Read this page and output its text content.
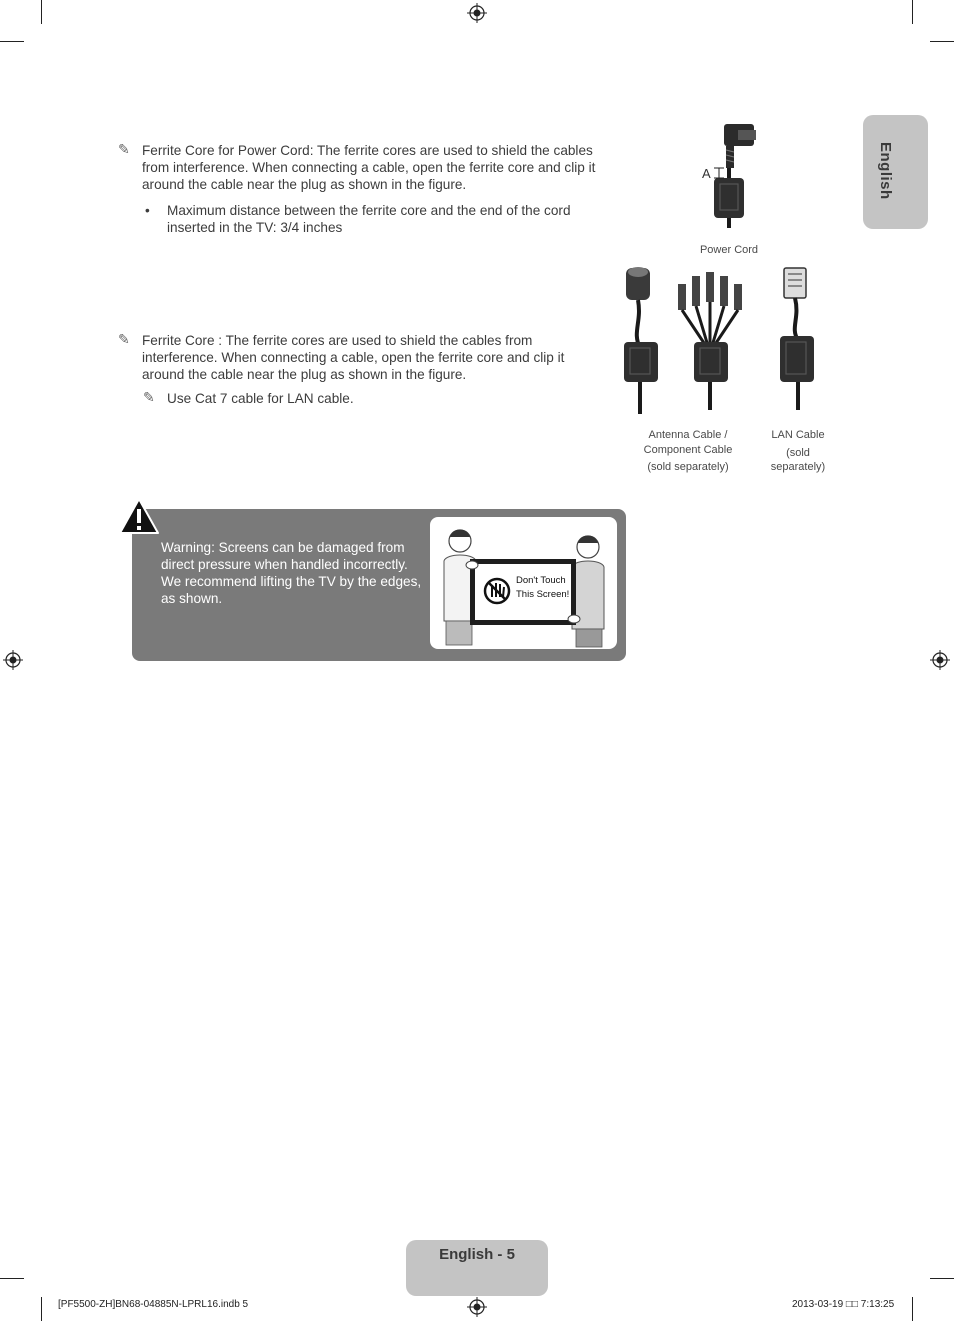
English
✎ Ferrite Core for Power Cord: The ferrite cores are used to shield the cables from interference. When connecting a cable, open the ferrite core and clip it around the cable near the plug as shown in the figure.
• Maximum distance between the ferrite core and the end of the cord inserted in the TV: 3/4 inches
A
Power Cord
✎ Ferrite Core : The ferrite cores are used to shield the cables from interference. When connecting a cable, open the ferrite core and clip it around the cable near the plug as shown in the figure.
✎ Use Cat 7 cable for LAN cable.
Antenna Cable /
Component Cable
(sold separately)
LAN Cable
(sold
separately)
Warning: Screens can be damaged from direct pressure when handled incorrectly. We recommend lifting the TV by the edges, as shown.
Don't Touch
This Screen!
English - 5
[PF5500-ZH]BN68-04885N-LPRL16.indb 5	2013-03-19 □□ 7:13:25
